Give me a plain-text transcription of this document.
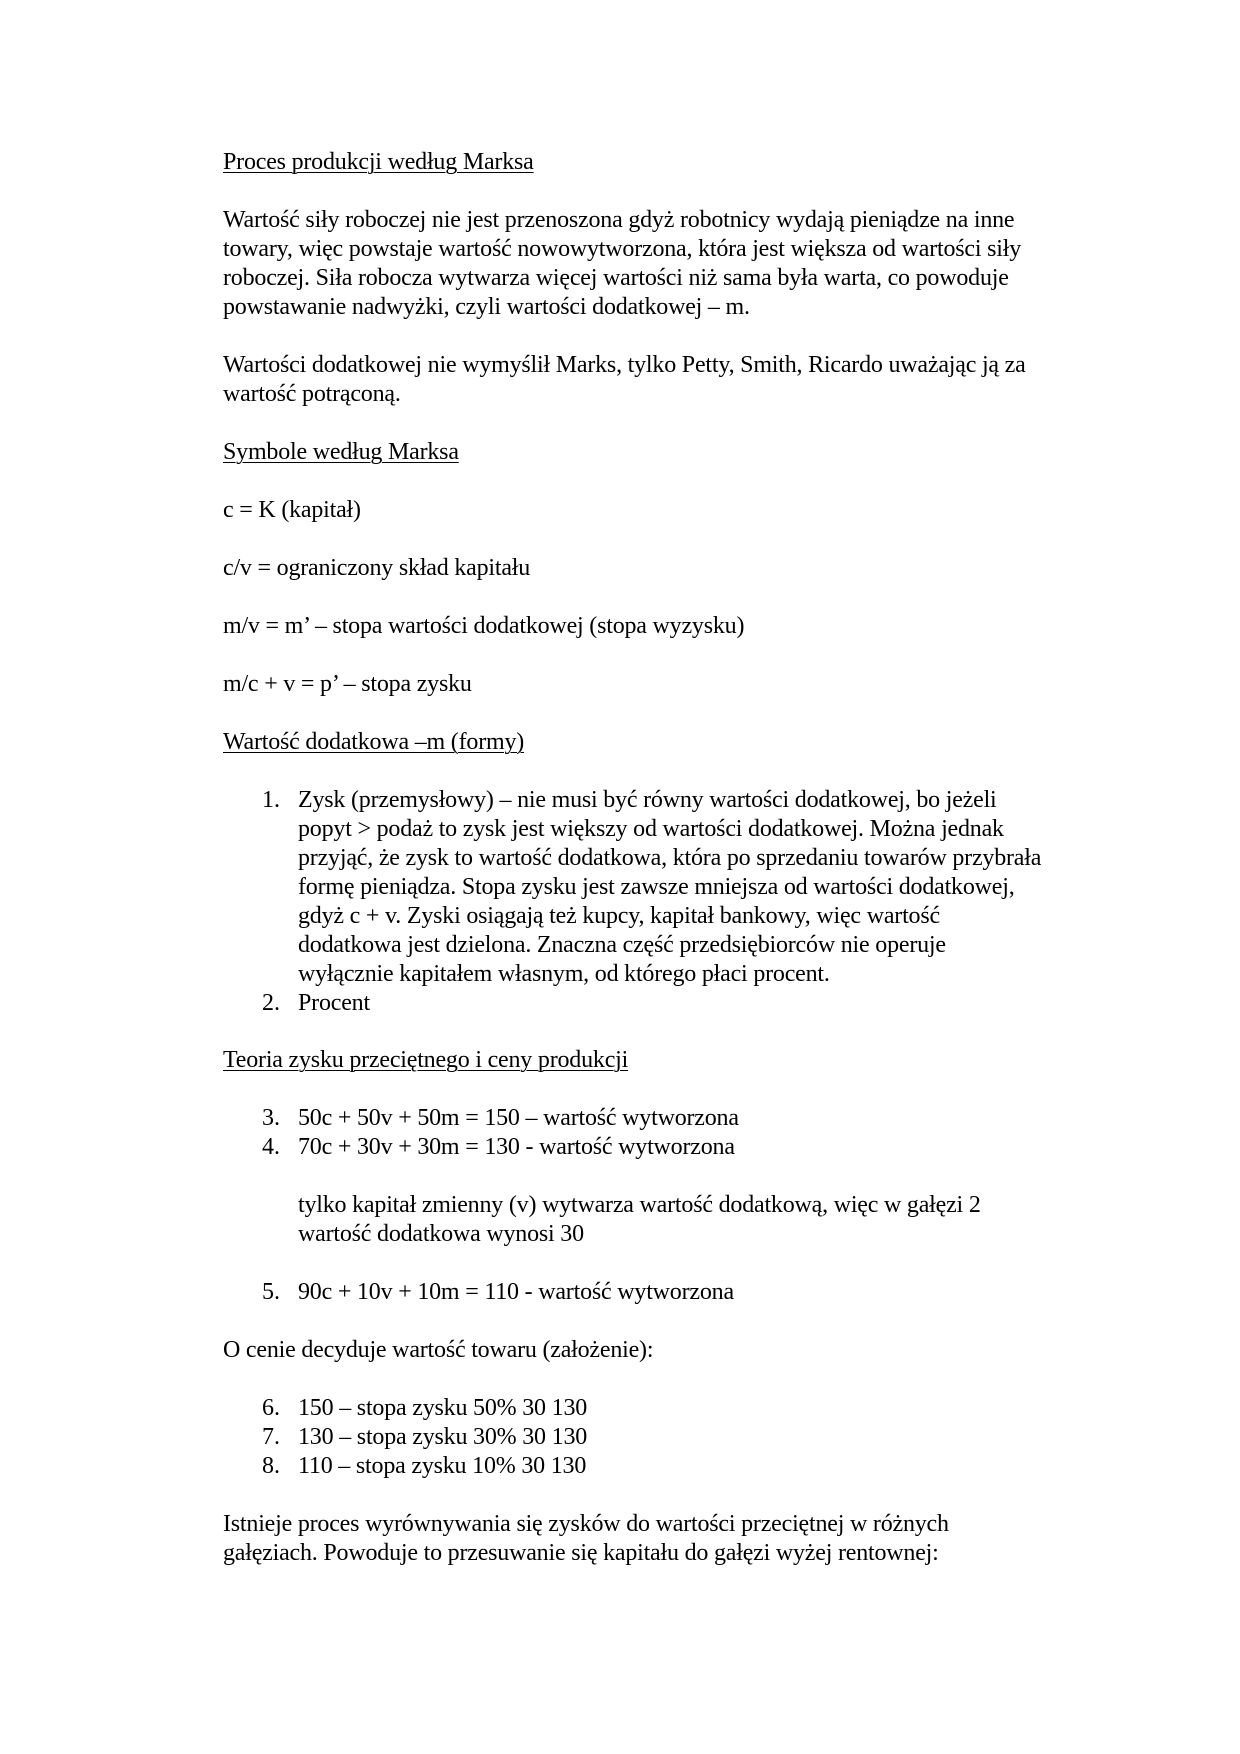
Proces produkcji według Marksa
Wartość siły roboczej nie jest przenoszona gdyż robotnicy wydają pieniądze na inne
towary, więc powstaje wartość nowowytworzona, która jest większa od wartości siły
roboczej. Siła robocza wytwarza więcej wartości niż sama była warta, co powoduje
powstawanie nadwyżki, czyli wartości dodatkowej – m.
Wartości dodatkowej nie wymyślił Marks, tylko Petty, Smith, Ricardo uważając ją za
wartość potrąconą.
Symbole według Marksa
c = K (kapitał)
c/v = ograniczony skład kapitału
m/v = m’ – stopa wartości dodatkowej (stopa wyzysku)
m/c + v = p’ – stopa zysku
Wartość dodatkowa –m (formy)
1. Zysk (przemysłowy) – nie musi być równy wartości dodatkowej, bo jeżeli
popyt > podaż to zysk jest większy od wartości dodatkowej. Można jednak
przyjąć, że zysk to wartość dodatkowa, która po sprzedaniu towarów przybrała
formę pieniądza. Stopa zysku jest zawsze mniejsza od wartości dodatkowej,
gdyż c + v. Zyski osiągają też kupcy, kapitał bankowy, więc wartość
dodatkowa jest dzielona. Znaczna część przedsiębiorców nie operuje
wyłącznie kapitałem własnym, od którego płaci procent.
2. Procent
Teoria zysku przeciętnego i ceny produkcji
3. 50c + 50v + 50m = 150 – wartość wytworzona
4. 70c + 30v + 30m = 130 - wartość wytworzona
tylko kapitał zmienny (v) wytwarza wartość dodatkową, więc w gałęzi 2
wartość dodatkowa wynosi 30
5. 90c + 10v + 10m = 110 - wartość wytworzona
O cenie decyduje wartość towaru (założenie):
6. 150 – stopa zysku 50% 30 130
7. 130 – stopa zysku 30% 30 130
8. 110 – stopa zysku 10% 30 130
Istnieje proces wyrównywania się zysków do wartości przeciętnej w różnych
gałęziach. Powoduje to przesuwanie się kapitału do gałęzi wyżej rentownej:
